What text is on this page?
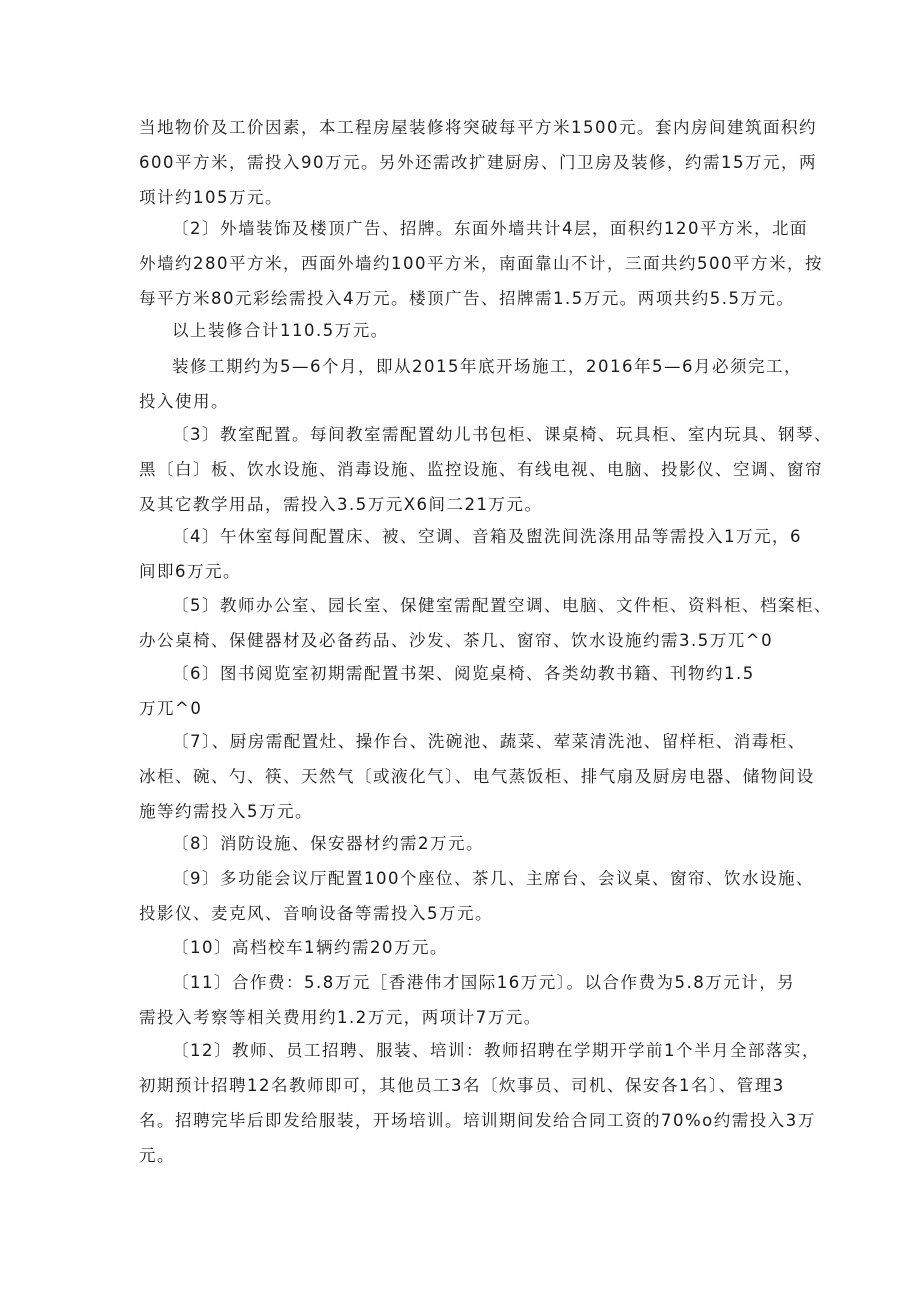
当地物价及工价因素，本工程房屋装修将突破每平方米1500元。套内房间建筑面积约
600平方米，需投入90万元。另外还需改扩建厨房、门卫房及装修，约需15万元，两
项计约105万元。
〔2〕外墙装饰及楼顶广告、招牌。东面外墙共计4层，面积约120平方米，北面
外墙约280平方米，西面外墙约100平方米，南面靠山不计，三面共约500平方米，按
每平方米80元彩绘需投入4万元。楼顶广告、招牌需1.5万元。两项共约5.5万元。
以上装修合计110.5万元。
装修工期约为5—6个月，即从2015年底开场施工，2016年5—6月必须完工，
投入使用。
〔3〕教室配置。每间教室需配置幼儿书包柜、课桌椅、玩具柜、室内玩具、钢琴、
黑〔白〕板、饮水设施、消毒设施、监控设施、有线电视、电脑、投影仪、空调、窗帘
及其它教学用品，需投入3.5万元X6间二21万元。
〔4〕午休室每间配置床、被、空调、音箱及盥洗间洗涤用品等需投入1万元，6
间即6万元。
〔5〕教师办公室、园长室、保健室需配置空调、电脑、文件柜、资料柜、档案柜、
办公桌椅、保健器材及必备药品、沙发、茶几、窗帘、饮水设施约需3.5万兀^0
〔6〕图书阅览室初期需配置书架、阅览桌椅、各类幼教书籍、刊物约1.5
万兀^0
〔7〕、厨房需配置灶、操作台、洗碗池、蔬菜、荤菜清洗池、留样柜、消毒柜、
冰柜、碗、勺、筷、天然气〔或液化气〕、电气蒸饭柜、排气扇及厨房电器、储物间设
施等约需投入5万元。
〔8〕消防设施、保安器材约需2万元。
〔9〕多功能会议厅配置100个座位、茶几、主席台、会议桌、窗帘、饮水设施、
投影仪、麦克风、音响设备等需投入5万元。
〔10〕高档校车1辆约需20万元。
〔11〕合作费：5.8万元［香港伟才国际16万元〕。以合作费为5.8万元计，另
需投入考察等相关费用约1.2万元，两项计7万元。
〔12〕教师、员工招聘、服装、培训：教师招聘在学期开学前1个半月全部落实，
初期预计招聘12名教师即可，其他员工3名〔炊事员、司机、保安各1名〕、管理3
名。招聘完毕后即发给服装，开场培训。培训期间发给合同工资的70%o约需投入3万
元。
